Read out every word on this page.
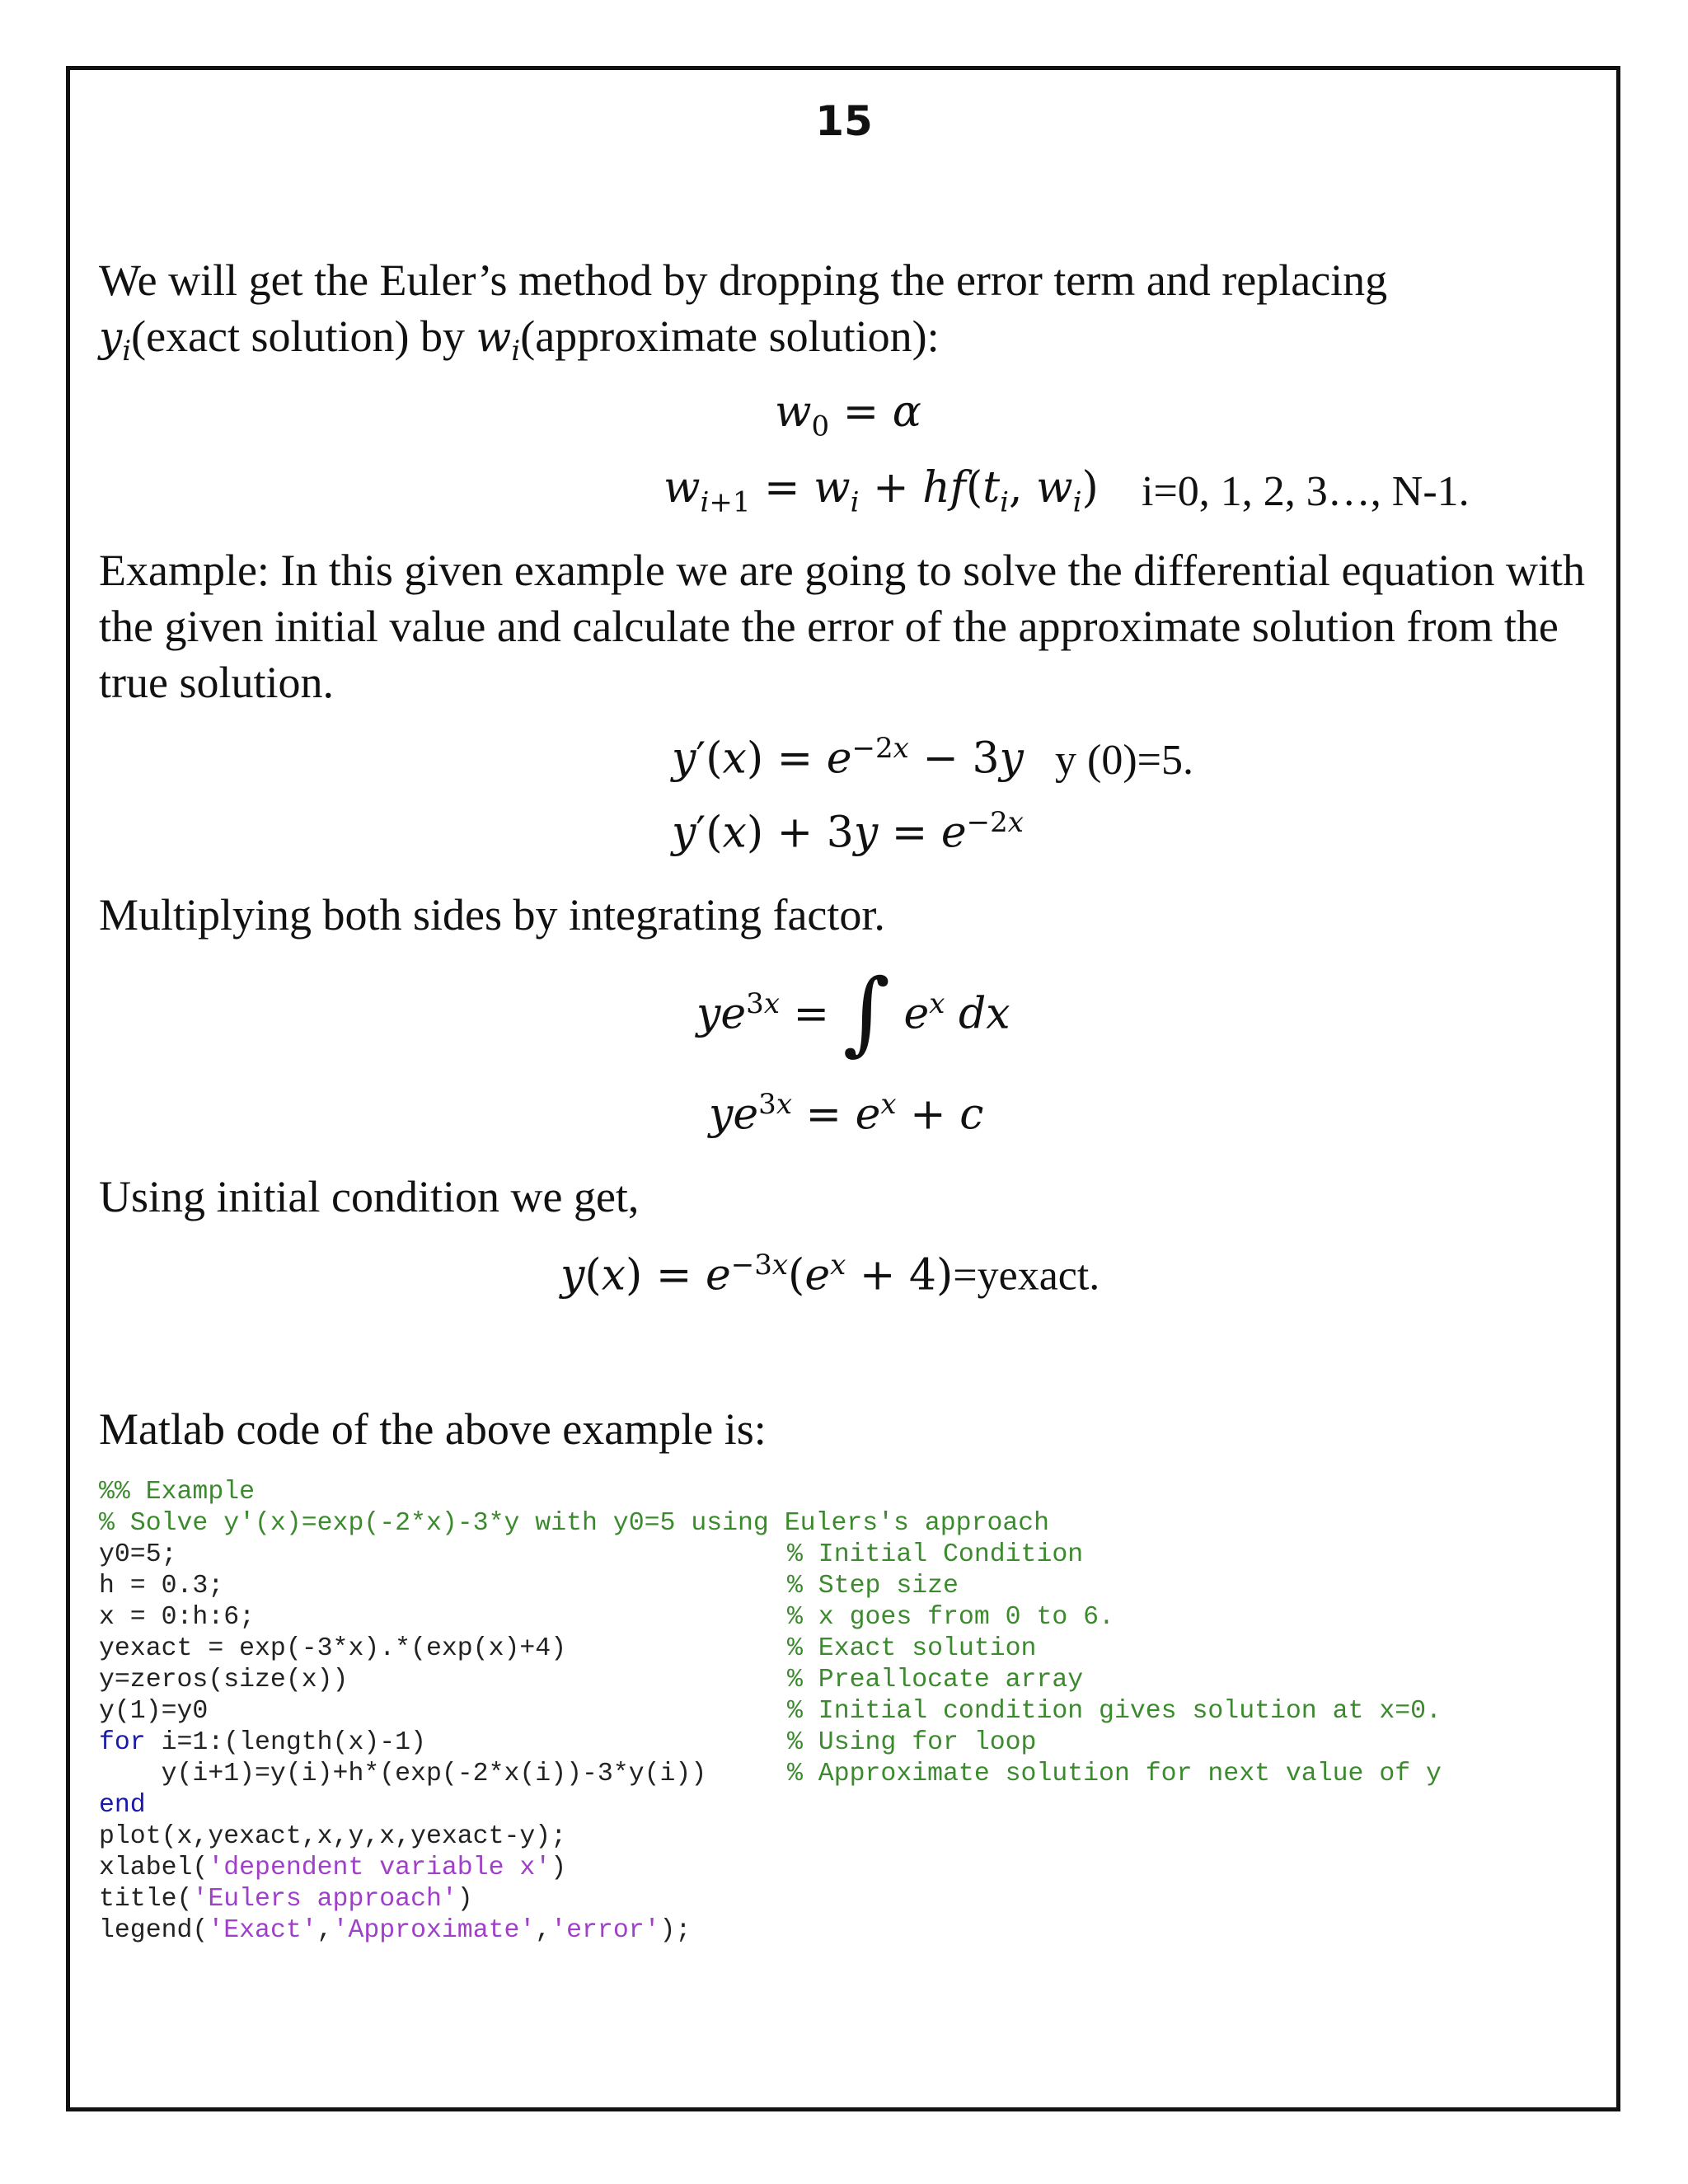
15

We will get the Euler’s method by dropping the error term and replacing
$y_i(exact$ solution) by $w_i(approximate$ solution):

$w_0 = \alpha$
$w_{i+1} = w_i + hf(t_i$, $w_i$) i=0, 1, 2, 3…, N-1.

Example: In this given example we are going to solve the differential equation with the given initial value and calculate the error of the approximate solution from the true solution.

$y'(x) = e^{-2x} - 3y$ y (0)=5.
$y'(x) + 3y = e^{-2x}$

Multiplying both sides by integrating factor.

$ye^{3x}$ = ∫ $e^x$ dx
$ye^{3x} = e^x + c$

Using initial condition we get,

$y(x) = e^{-3x}(e^x$ + 4)=yexact.

Matlab code of the above example is:

%% Example
% Solve y'(x)=exp(-2*x)-3*y with y0=5 using Eulers's approach
y0=5;	% Initial Condition
h = 0.3;	% Step size
x = 0:h:6;	% x goes from 0 to 6.
yexact = exp(-3*x).*(exp(x)+4)	% Exact solution
y=zeros(size(x))	% Preallocate array
y(1)=y0	% Initial condition gives solution at x=0.
for i=1:(length(x)-1)	% Using for loop
y(i+1)=y(i)+h*(exp(-2*x(i))-3*y(i))	% Approximate solution for next value of y
end
plot(x,yexact,x,y,x,yexact-y);
xlabel('dependent variable x')
title('Eulers approach')
legend('Exact','Approximate','error');
